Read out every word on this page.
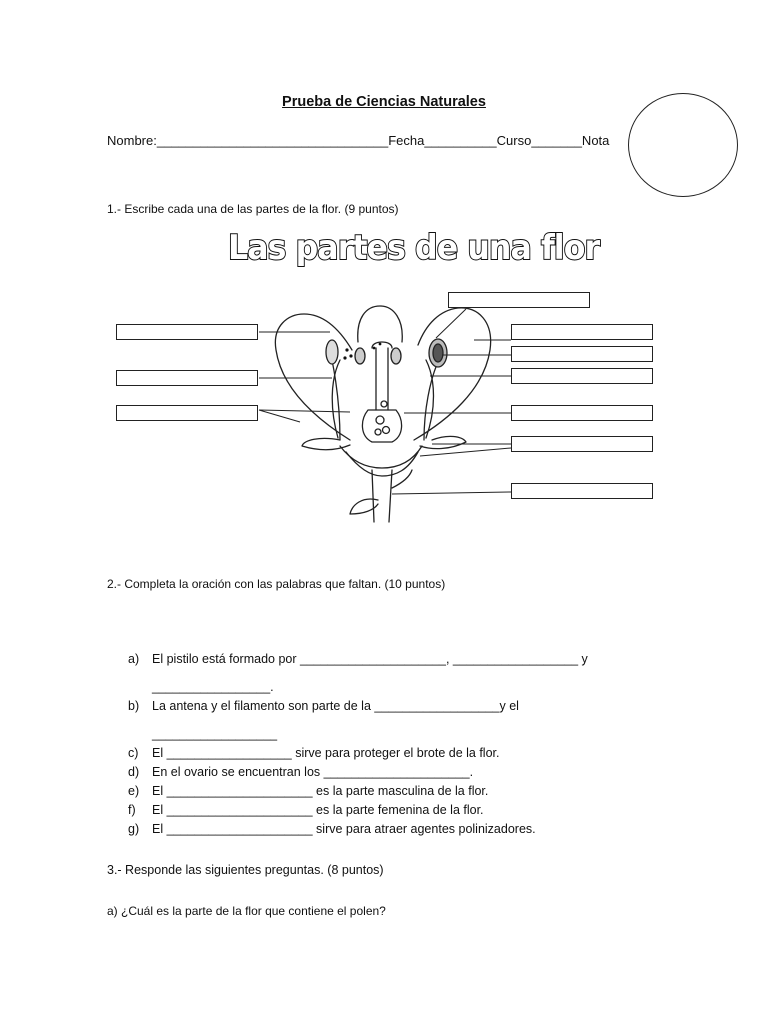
Prueba de Ciencias Naturales
Nombre:________________________________Fecha__________Curso_______Nota
1.- Escribe cada una de las partes de la flor. (9 puntos)
Las partes de una flor
2.- Completa la oración con las palabras que faltan. (10 puntos)
a) El pistilo está formado por _____________________, __________________ y
_________________.
b) La antena y el filamento son parte de la __________________y el
__________________
c) El __________________ sirve para proteger el brote de la flor.
d) En el ovario se encuentran los _____________________.
e) El _____________________ es la parte masculina de la flor.
f) El _____________________ es la parte femenina de la flor.
g) El _____________________ sirve para atraer agentes polinizadores.
3.- Responde las siguientes preguntas. (8 puntos)
a) ¿Cuál es la parte de la flor que contiene el polen?
